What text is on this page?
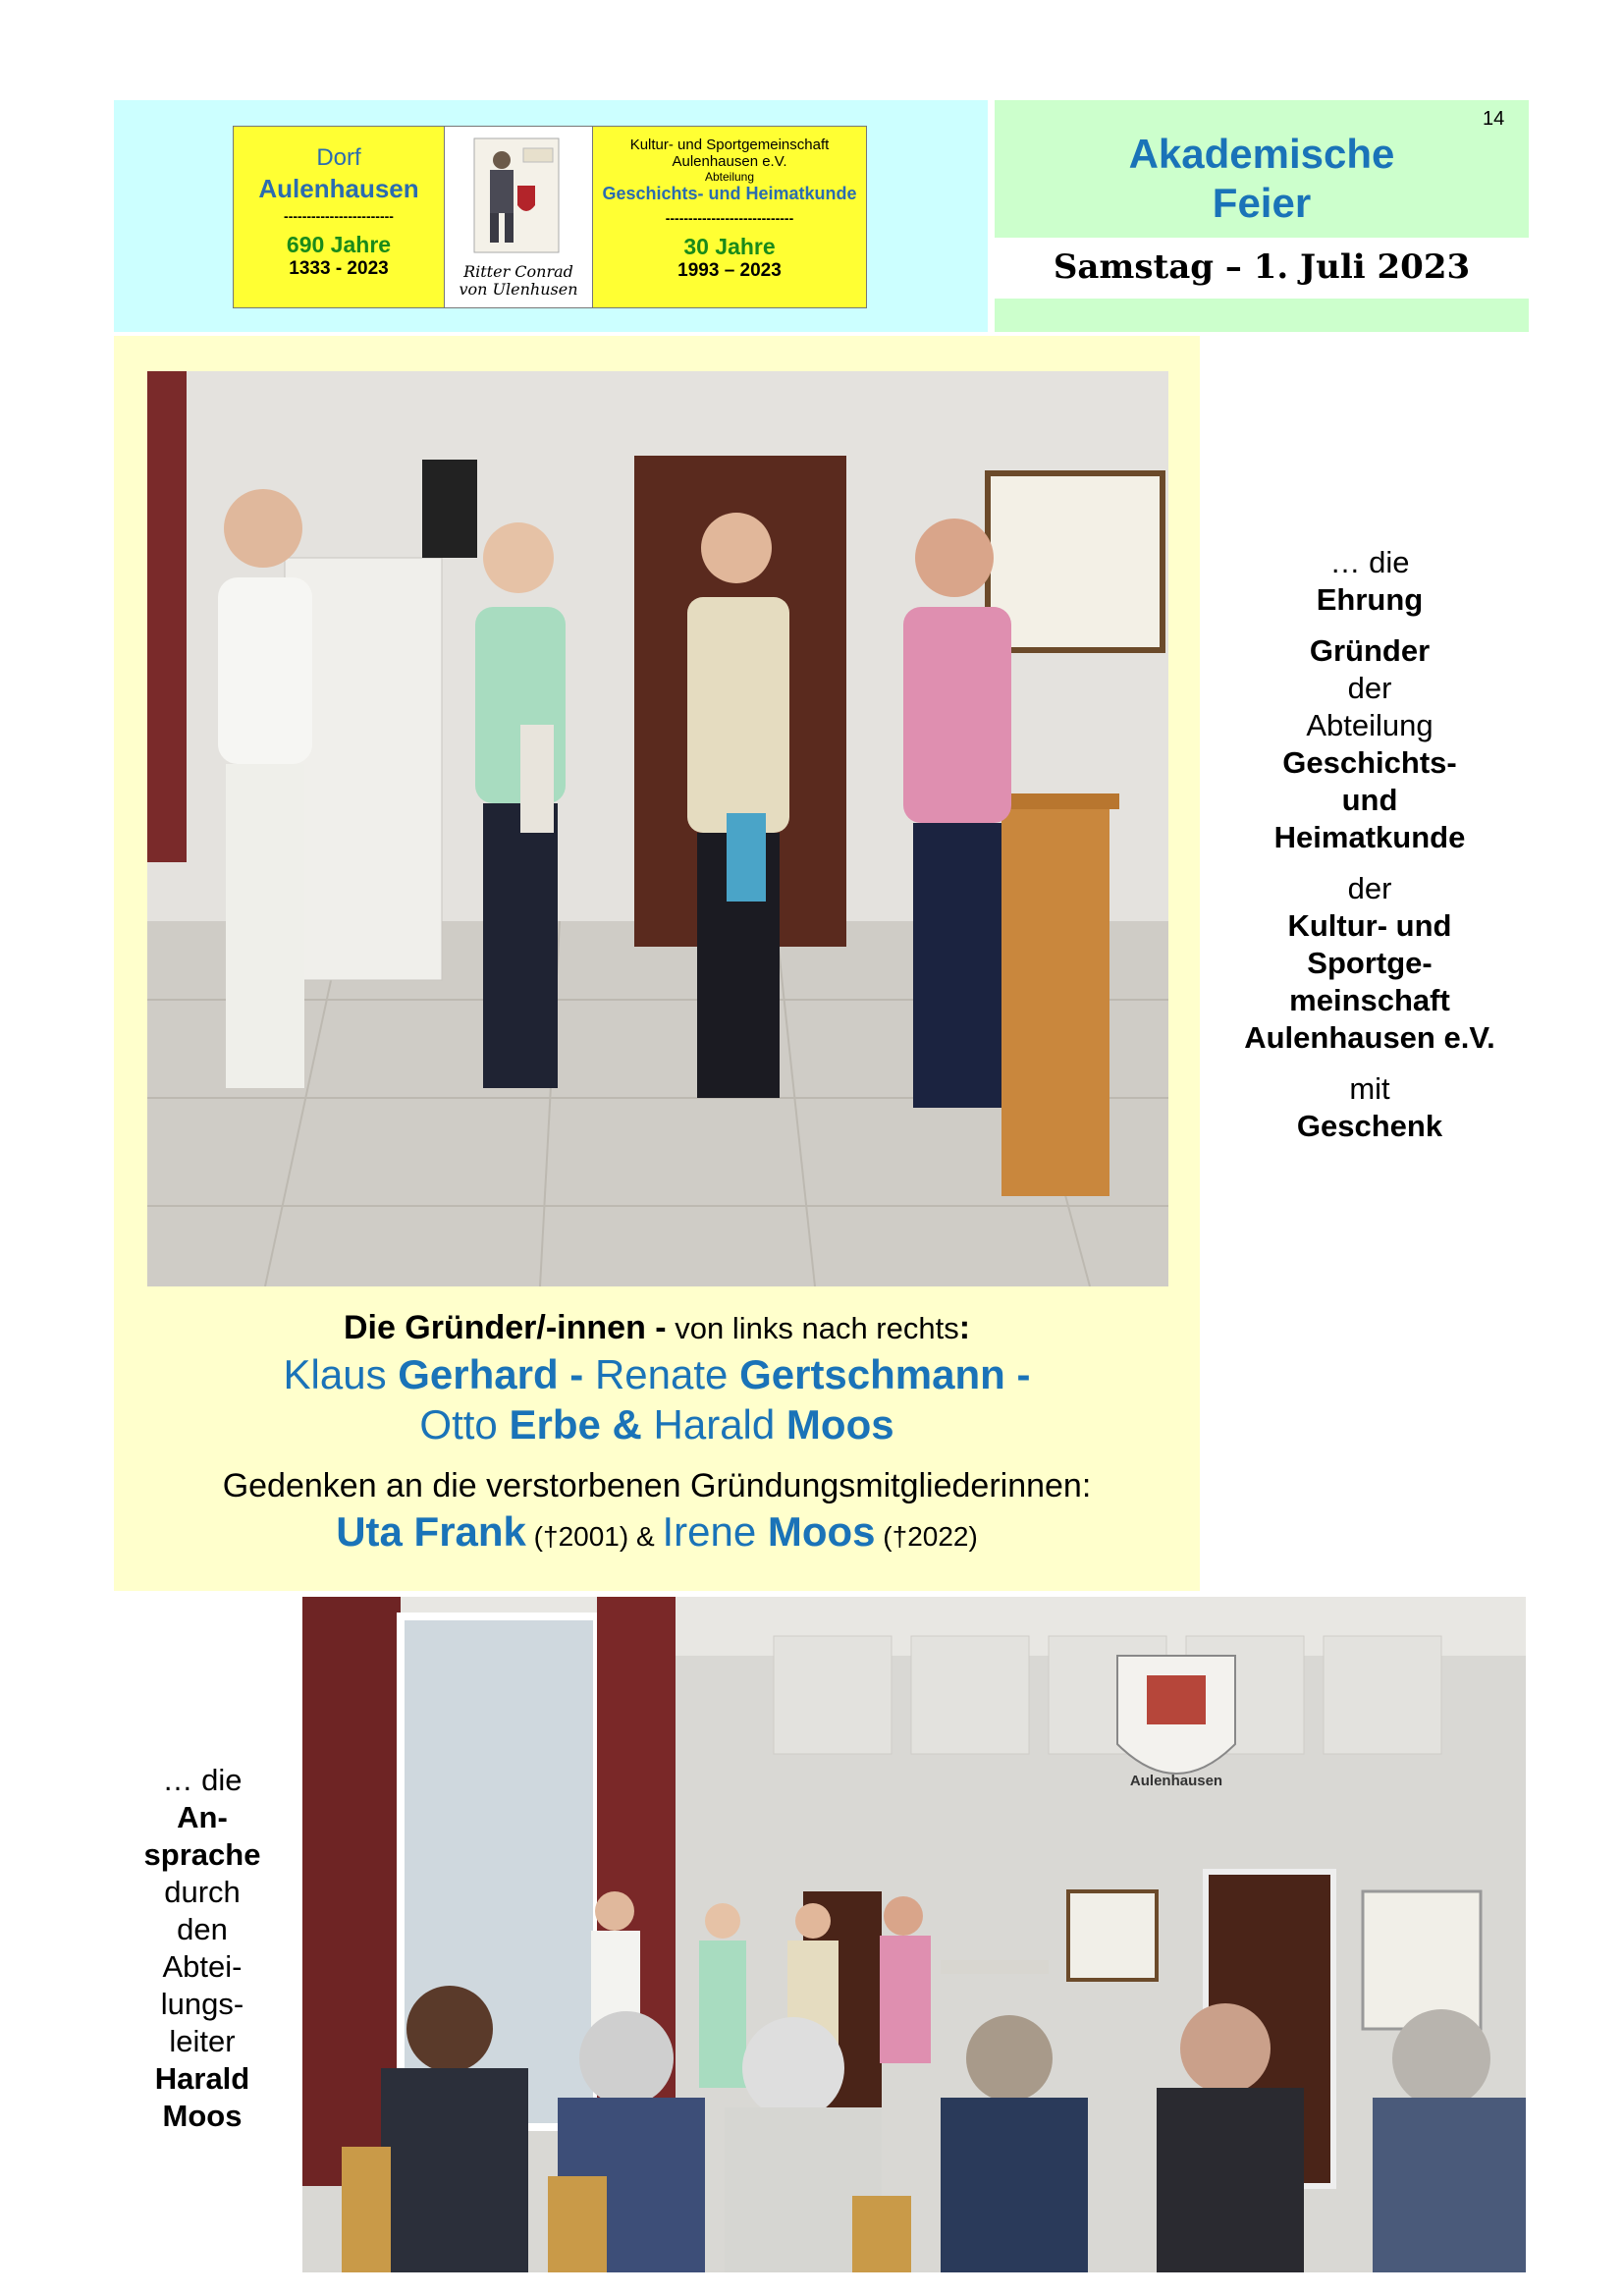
Dorf
Aulenhausen
------------------------
690 Jahre
1333 - 2023	Ritter Conrad
von Ulenhusen
Kultur- und Sportgemeinschaft
Aulenhausen e.V.
Abteilung
Geschichts- und Heimatkunde
----------------------------
30 Jahre
1993 – 2023
14
Akademische
Feier
Samstag – 1. Juli 2023

Die Gründer/-innen - von links nach rechts:

Klaus Gerhard - Renate Gertschmann -

Otto Erbe & Harald Moos

Gedenken an die verstorbenen Gründungsmitgliederinnen:

Uta Frank (†2001) & Irene Moos (†2022)

… die
Ehrung
Gründer
der
Abteilung
Geschichts-
und
Heimatkunde
der
Kultur- und
Sportge-
meinschaft
Aulenhausen e.V.
mit
Geschenk
… die
An-
sprache
durch
den
Abtei-
lungs-
leiter
Harald
Moos
Aulenhausen
